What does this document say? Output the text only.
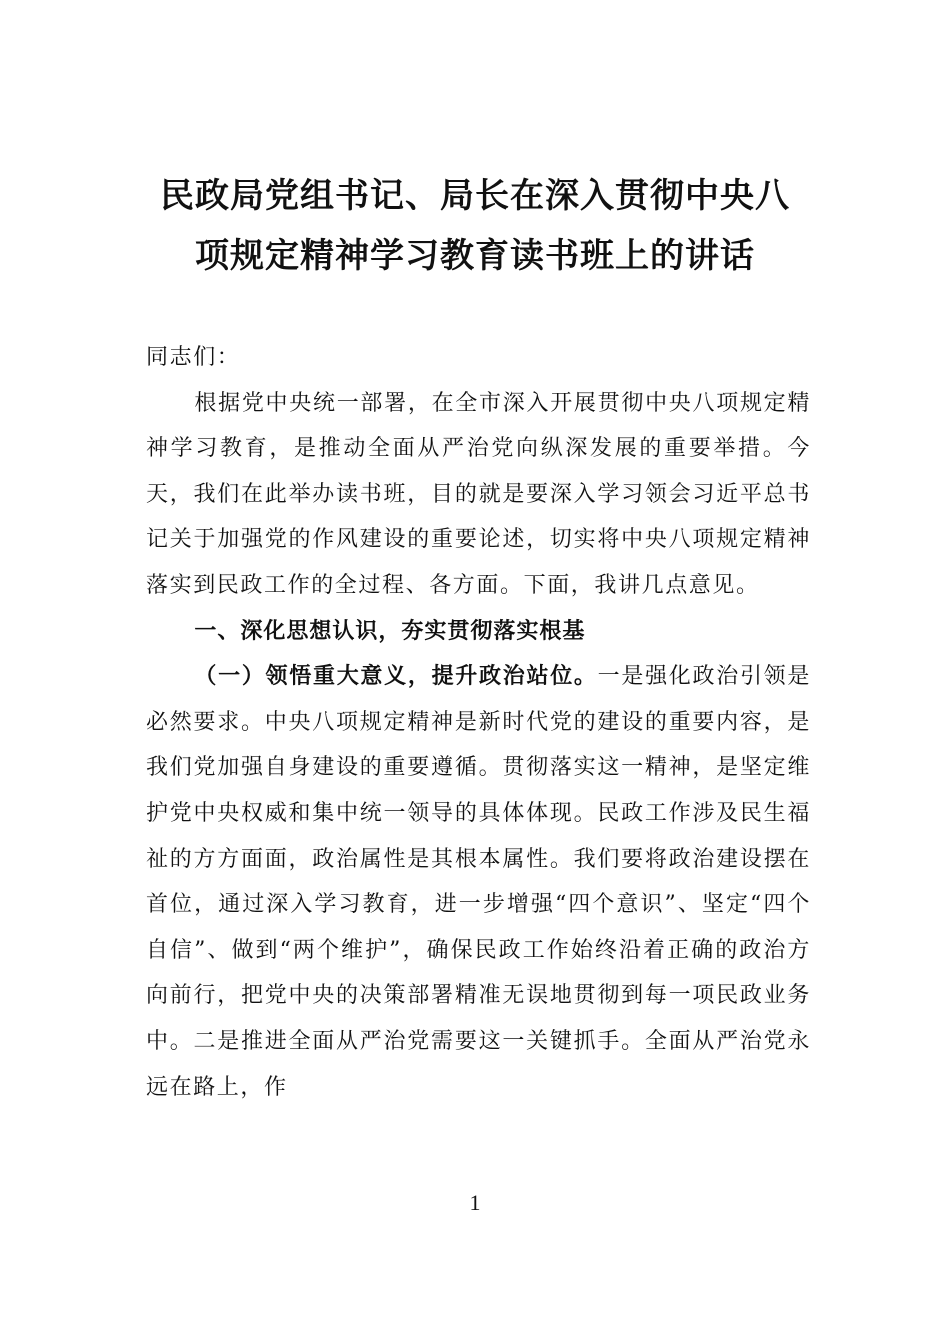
民政局党组书记、局长在深入贯彻中央八
项规定精神学习教育读书班上的讲话

同志们：

根据党中央统一部署，在全市深入开展贯彻中央八项规定精神学习教育，是推动全面从严治党向纵深发展的重要举措。今天，我们在此举办读书班，目的就是要深入学习领会习近平总书记关于加强党的作风建设的重要论述，切实将中央八项规定精神落实到民政工作的全过程、各方面。下面，我讲几点意见。

一、深化思想认识，夯实贯彻落实根基

（一）领悟重大意义，提升政治站位。一是强化政治引领是必然要求。中央八项规定精神是新时代党的建设的重要内容，是我们党加强自身建设的重要遵循。贯彻落实这一精神，是坚定维护党中央权威和集中统一领导的具体体现。民政工作涉及民生福祉的方方面面，政治属性是其根本属性。我们要将政治建设摆在首位，通过深入学习教育，进一步增强“四个意识”、坚定“四个自信”、做到“两个维护”，确保民政工作始终沿着正确的政治方向前行，把党中央的决策部署精准无误地贯彻到每一项民政业务中。二是推进全面从严治党需要这一关键抓手。全面从严治党永远在路上，作

1
